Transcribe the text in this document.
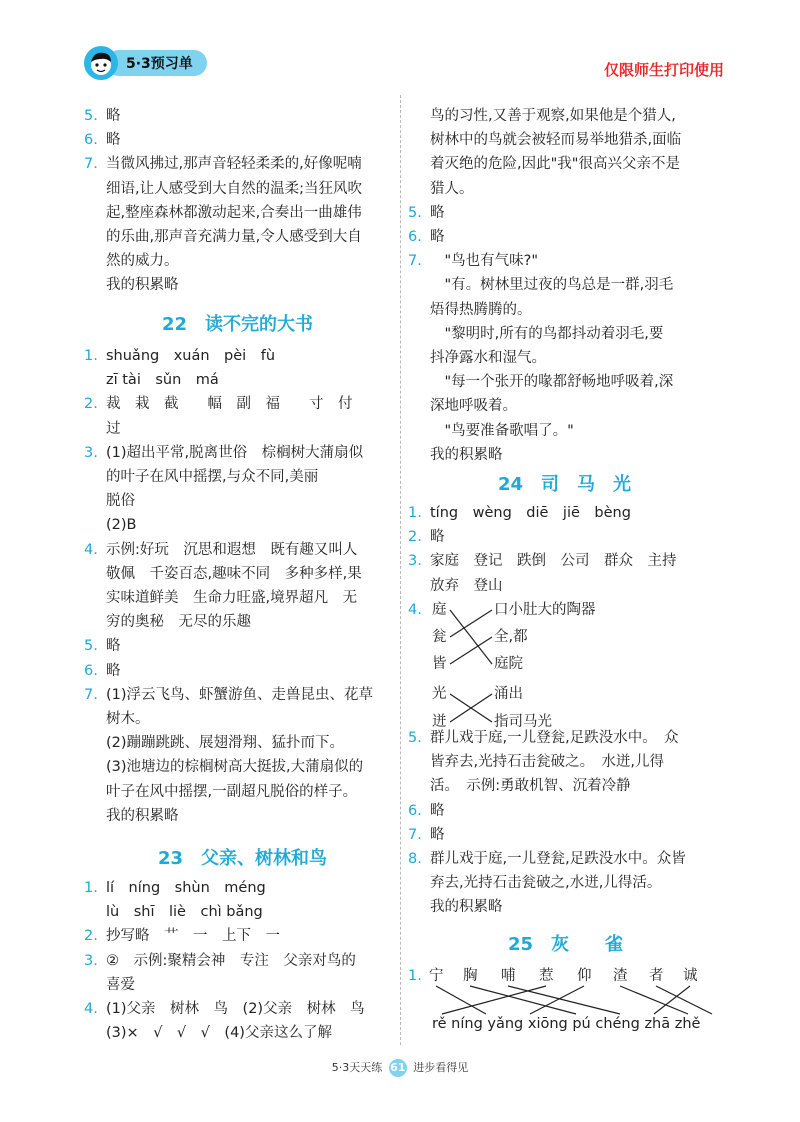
5·3预习单	仅限师生打印使用
5. 略
6. 略
7. 当微风拂过,那声音轻轻柔柔的,好像呢喃
细语,让人感受到大自然的温柔;当狂风吹
起,整座森林都激动起来,合奏出一曲雄伟
的乐曲,那声音充满力量,令人感受到大自
然的威力。
我的积累略
22　读不完的大书
1. shuǎng　xuán　pèi　fù
zī tài　sǔn　má
2. 裁　栽　截　　幅　副　福　　寸　付
过
3. (1)超出平常,脱离世俗　棕榈树大蒲扇似
的叶子在风中摇摆,与众不同,美丽
脱俗
(2)B
4. 示例:好玩　沉思和遐想　既有趣又叫人
敬佩　千姿百态,趣味不同　多种多样,果
实味道鲜美　生命力旺盛,境界超凡　无
穷的奥秘　无尽的乐趣
5. 略
6. 略
7. (1)浮云飞鸟、虾蟹游鱼、走兽昆虫、花草
树木。
(2)蹦蹦跳跳、展翅滑翔、猛扑而下。
(3)池塘边的棕榈树高大挺拔,大蒲扇似的
叶子在风中摇摆,一副超凡脱俗的样子。
我的积累略
23　父亲、树林和鸟
1. lí　níng　shùn　méng
lù　shī　liè　chì bǎng
2. 抄写略　艹　一　上下　一
3. ②　示例:聚精会神　专注　父亲对鸟的
喜爱
4. (1)父亲　树林　鸟　(2)父亲　树林　鸟
(3)×　√　√　√　(4)父亲这么了解
鸟的习性,又善于观察,如果他是个猎人,
树林中的鸟就会被轻而易举地猎杀,面临
着灭绝的危险,因此"我"很高兴父亲不是
猎人。
5. 略
6. 略
7. 　"鸟也有气味?"
　"有。树林里过夜的鸟总是一群,羽毛
焐得热腾腾的。
　"黎明时,所有的鸟都抖动着羽毛,要
抖净露水和湿气。
　"每一个张开的喙都舒畅地呼吸着,深
深地呼吸着。
　"鸟要准备歌唱了。"
我的积累略
24　司　马　光
1. tíng　wèng　diē　jiē　bèng
2. 略
3. 家庭　登记　跌倒　公司　群众　主持
放弃　登山
4. 庭
瓮
皆
光
迸
口小肚大的陶器
全,都
庭院
涌出
指司马光
5. 群儿戏于庭,一儿登瓮,足跌没水中。　众
皆弃去,光持石击瓮破之。　水迸,儿得
活。　示例:勇敢机智、沉着冷静
6. 略
7. 略
8. 群儿戏于庭,一儿登瓮,足跌没水中。众皆
弃去,光持石击瓮破之,水迸,儿得活。
我的积累略
25　灰　　雀
1. 宁 胸 哺 惹 仰 渣 者 诚
rě níng yǎng xiōng pú chéng zhā zhě
5·3天天练 61 进步看得见
